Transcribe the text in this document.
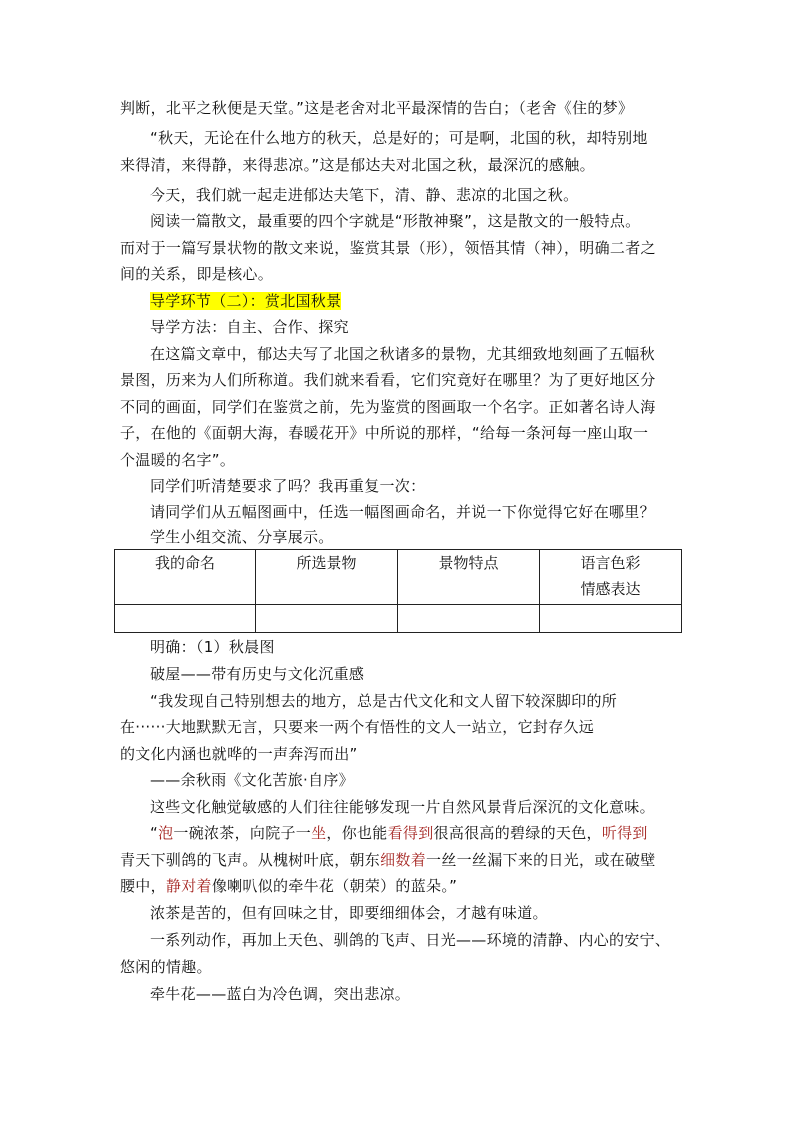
判断，北平之秋便是天堂。”这是老舍对北平最深情的告白；（老舍《住的梦》
“秋天，无论在什么地方的秋天，总是好的；可是啊，北国的秋，却特别地
来得清，来得静，来得悲凉。”这是郁达夫对北国之秋，最深沉的感触。
今天，我们就一起走进郁达夫笔下，清、静、悲凉的北国之秋。
阅读一篇散文，最重要的四个字就是“形散神聚”，这是散文的一般特点。
而对于一篇写景状物的散文来说，鉴赏其景（形），领悟其情（神），明确二者之
间的关系，即是核心。
导学环节（二）：赏北国秋景
导学方法：自主、合作、探究
在这篇文章中，郁达夫写了北国之秋诸多的景物，尤其细致地刻画了五幅秋
景图，历来为人们所称道。我们就来看看，它们究竟好在哪里？为了更好地区分
不同的画面，同学们在鉴赏之前，先为鉴赏的图画取一个名字。正如著名诗人海
子，在他的《面朝大海，春暖花开》中所说的那样，“给每一条河每一座山取一
个温暖的名字”。
同学们听清楚要求了吗？我再重复一次：
请同学们从五幅图画中，任选一幅图画命名，并说一下你觉得它好在哪里？
学生小组交流、分享展示。
我的命名	所选景物	景物特点	语言色彩
情感表达

明确：（1）秋晨图
破屋——带有历史与文化沉重感
“我发现自己特别想去的地方，总是古代文化和文人留下较深脚印的所
在······大地默默无言，只要来一两个有悟性的文人一站立，它封存久远
的文化内涵也就哗的一声奔泻而出”
——余秋雨《文化苦旅·自序》
这些文化触觉敏感的人们往往能够发现一片自然风景背后深沉的文化意味。
“泡一碗浓茶，向院子一坐，你也能看得到很高很高的碧绿的天色，听得到
青天下驯鸽的飞声。从槐树叶底，朝东细数着一丝一丝漏下来的日光，或在破壁
腰中，静对着像喇叭似的牵牛花（朝荣）的蓝朵。”
浓茶是苦的，但有回味之甘，即要细细体会，才越有味道。
一系列动作，再加上天色、驯鸽的飞声、日光——环境的清静、内心的安宁、
悠闲的情趣。
牵牛花——蓝白为冷色调，突出悲凉。
